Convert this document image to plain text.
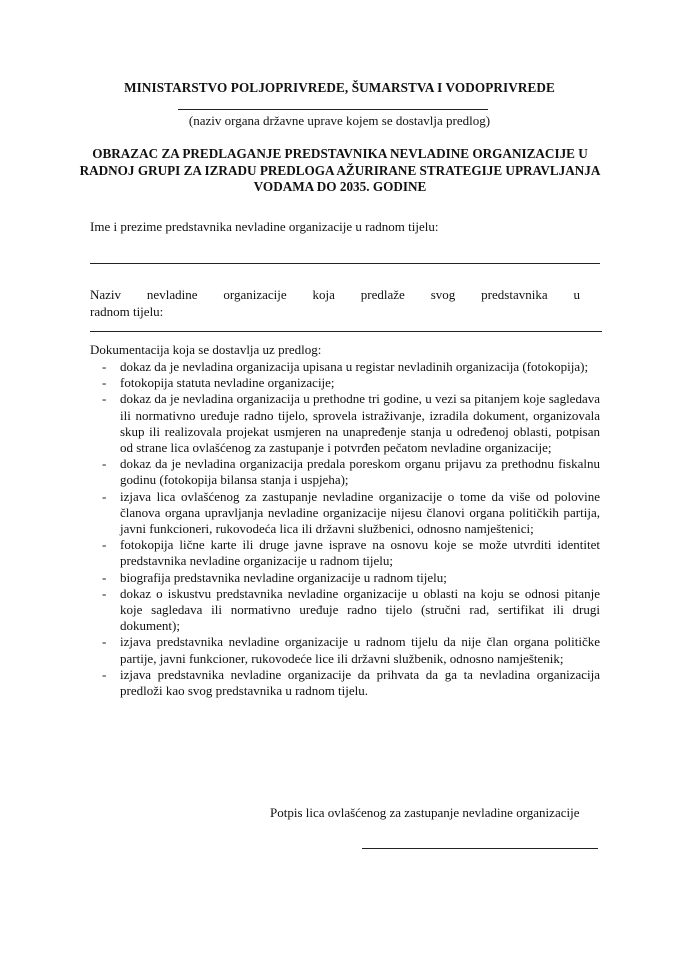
MINISTARSTVO POLJOPRIVREDE, ŠUMARSTVA I VODOPRIVREDE
(naziv organa državne uprave kojem se dostavlja predlog)
OBRAZAC ZA PREDLAGANJE PREDSTAVNIKA NEVLADINE ORGANIZACIJE U RADNOJ GRUPI ZA IZRADU PREDLOGA AŽURIRANE STRATEGIJE UPRAVLJANJA VODAMA DO 2035. GODINE
Ime i prezime predstavnika nevladine organizacije u radnom tijelu:
Naziv nevladine organizacije koja predlaže svog predstavnika u
radnom tijelu:
Dokumentacija koja se dostavlja uz predlog:
- dokaz da je nevladina organizacija upisana u registar nevladinih organizacija (fotokopija);
- fotokopija statuta nevladine organizacije;
- dokaz da je nevladina organizacija u prethodne tri godine, u vezi sa pitanjem koje sagledava ili normativno uređuje radno tijelo, sprovela istraživanje, izradila dokument, organizovala skup ili realizovala projekat usmjeren na unapređenje stanja u određenoj oblasti, potpisan od strane lica ovlašćenog za zastupanje i potvrđen pečatom nevladine organizacije;
- dokaz da je nevladina organizacija predala poreskom organu prijavu za prethodnu fiskalnu godinu (fotokopija bilansa stanja i uspjeha);
- izjava lica ovlašćenog za zastupanje nevladine organizacije o tome da više od polovine članova organa upravljanja nevladine organizacije nijesu članovi organa političkih partija, javni funkcioneri, rukovodeća lica ili državni službenici, odnosno namještenici;
- fotokopija lične karte ili druge javne isprave na osnovu koje se može utvrditi identitet predstavnika nevladine organizacije u radnom tijelu;
- biografija predstavnika nevladine organizacije u radnom tijelu;
- dokaz o iskustvu predstavnika nevladine organizacije u oblasti na koju se odnosi pitanje koje sagledava ili normativno uređuje radno tijelo (stručni rad, sertifikat ili drugi dokument);
- izjava predstavnika nevladine organizacije u radnom tijelu da nije član organa političke partije, javni funkcioner, rukovodeće lice ili državni službenik, odnosno namještenik;
- izjava predstavnika nevladine organizacije da prihvata da ga ta nevladina organizacija predloži kao svog predstavnika u radnom tijelu.
Potpis lica ovlašćenog za zastupanje nevladine organizacije
